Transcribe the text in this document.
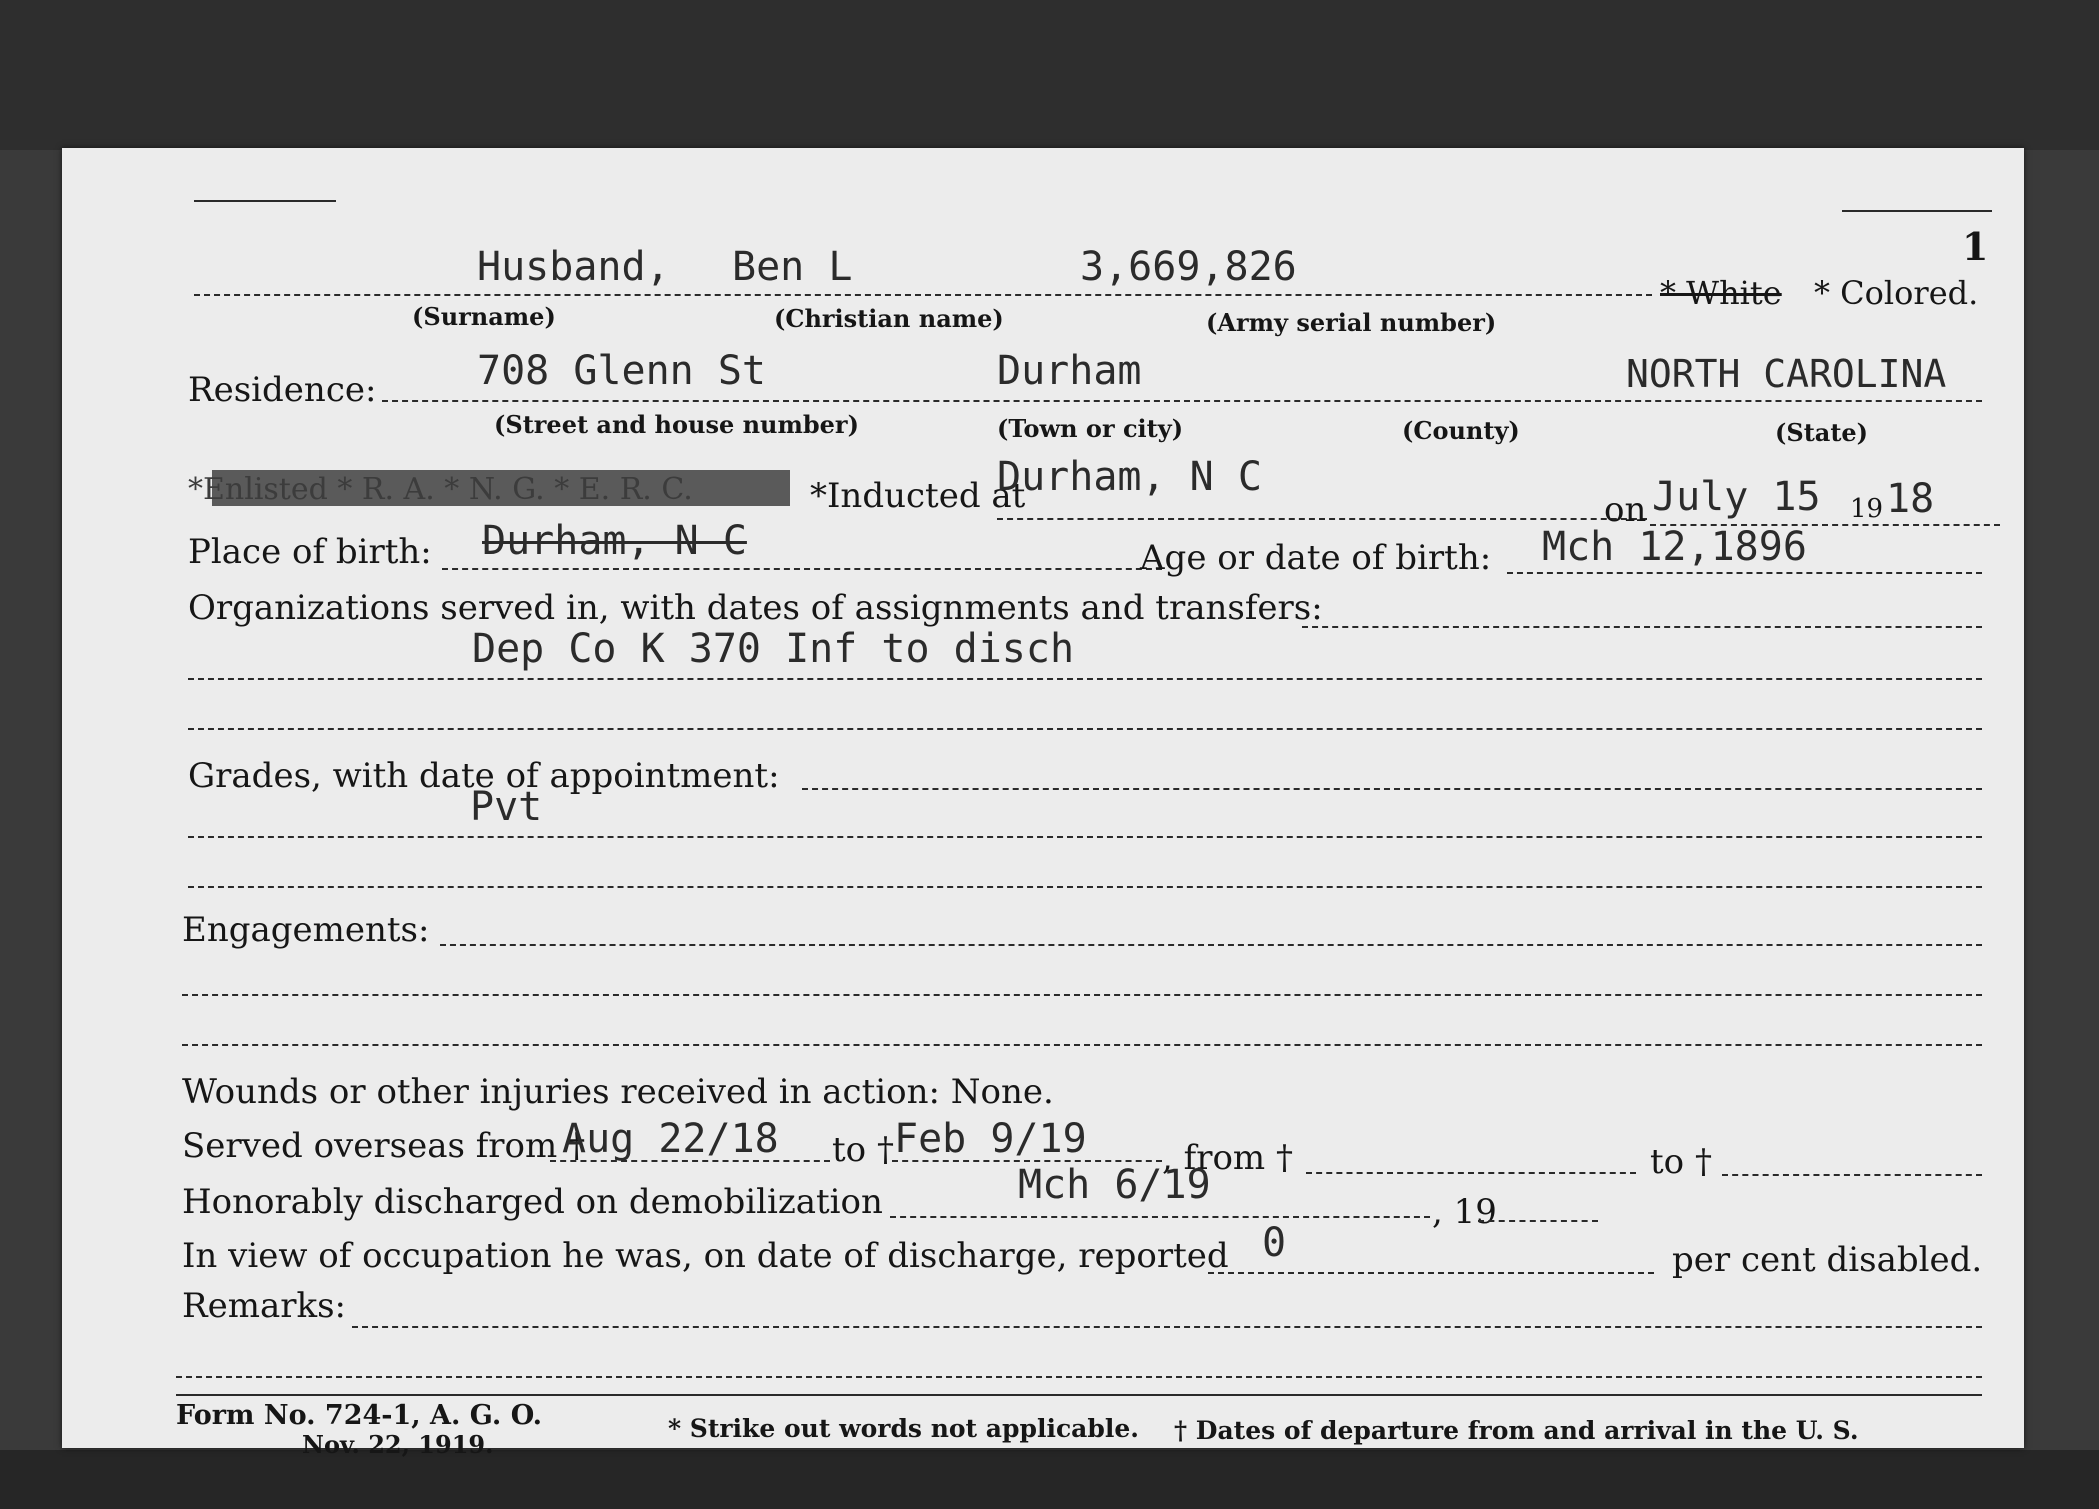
1
Husband, Ben L	3,669,826
* White * Colored.
(Surname)	(Christian name)	(Army serial number)
Residence:	708 Glenn St	Durham	NORTH CAROLINA
(Street and house number)	(Town or city)	(County)	(State)
*Enlisted * R. A. * N. G. * E. R. C.	*Inducted at
Durham, N C
on July 15 19 18
Place of birth: Durham, N C	Age or date of birth: Mch 12,1896
Organizations served in, with dates of assignments and transfers:
Dep Co K 370 Inf to disch
Grades, with date of appointment:
Pvt
Engagements:
Wounds or other injuries received in action: None.
Served overseas from †
Aug 22/18 to † Feb 9/19 , from †	to †
Honorably discharged on demobilization	Mch 6/19
, 19
In view of occupation he was, on date of discharge, reported 0	per cent disabled.
Remarks:
Form No. 724-1, A. G. O.
Nov. 22, 1919.
* Strike out words not applicable. † Dates of departure from and arrival in the U. S.
